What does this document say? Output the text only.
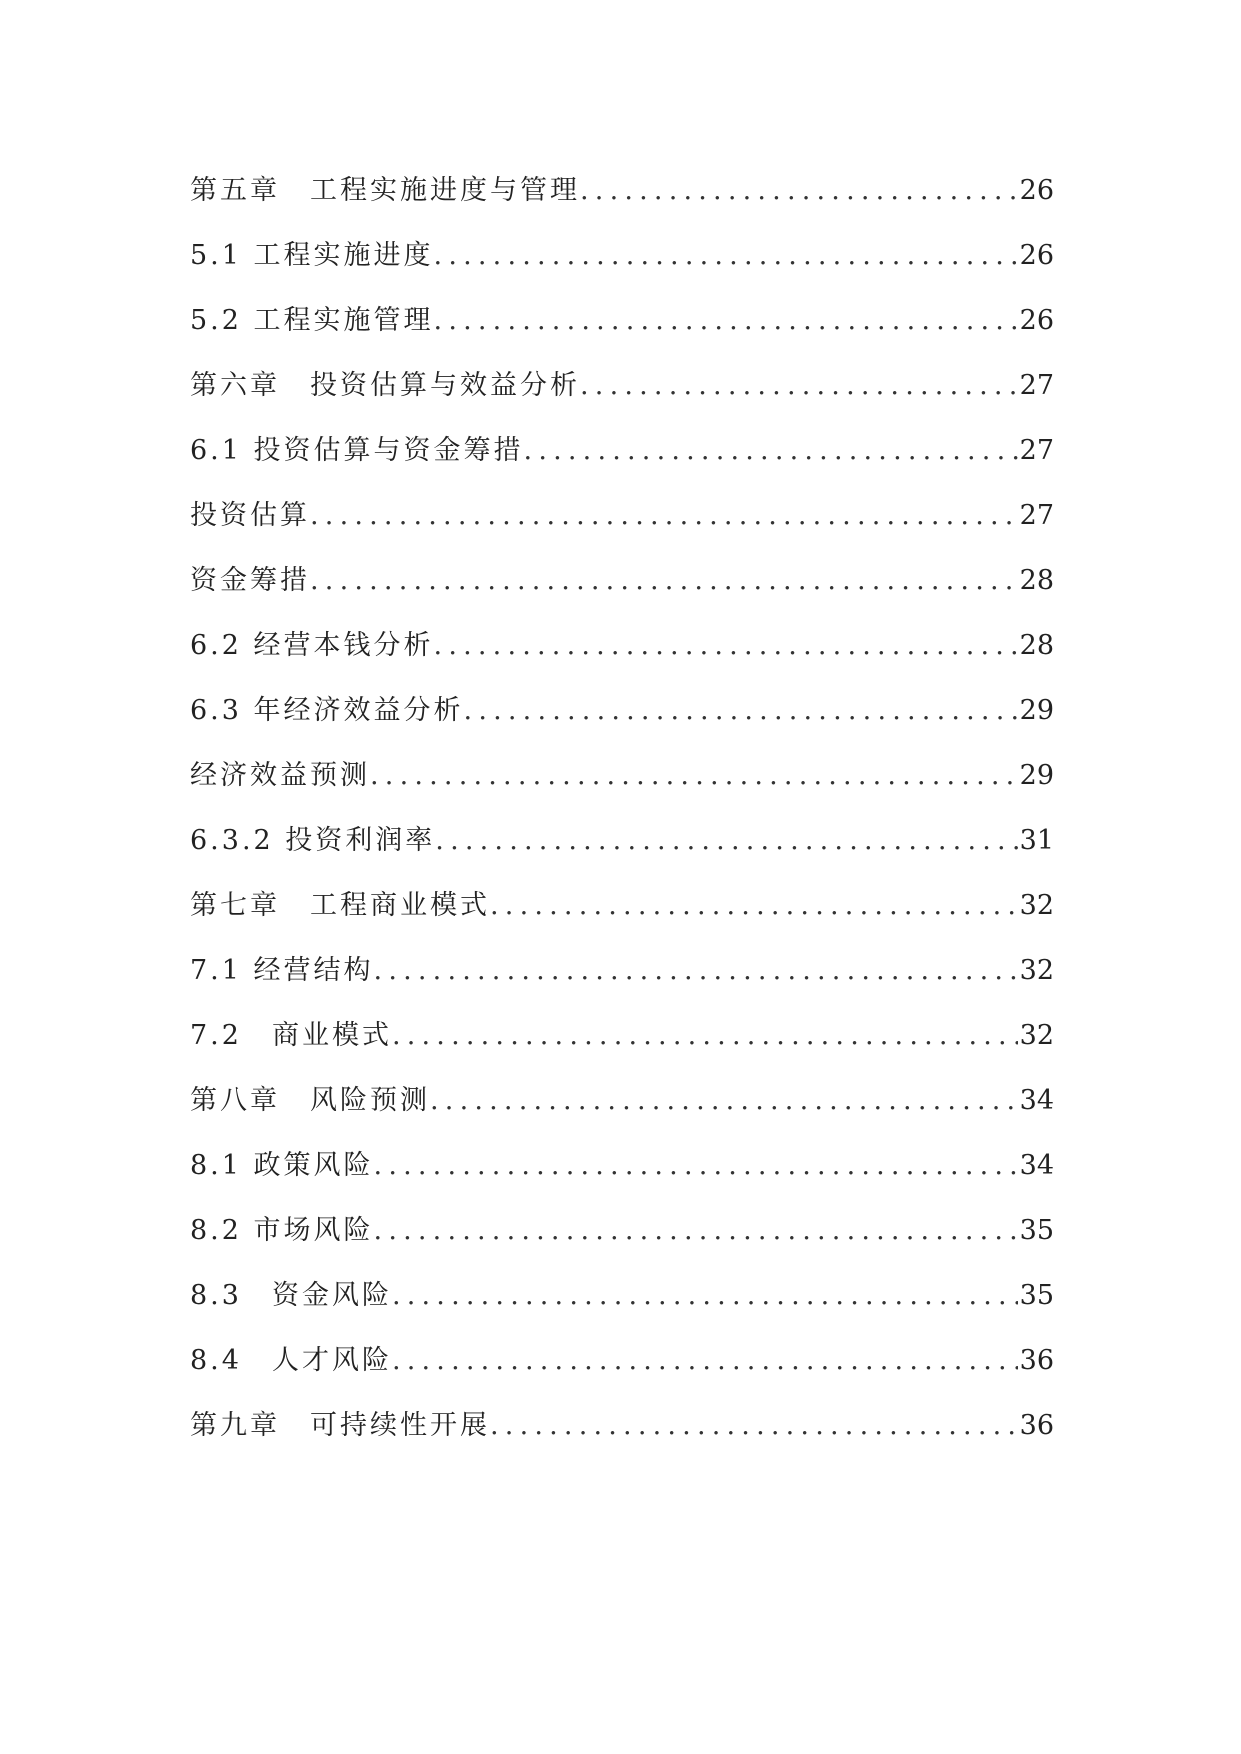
第五章　工程实施进度与管理 .....	26
5.1 工程实施进度 .....	26
5.2 工程实施管理 .....	26
第六章　投资估算与效益分析 .....	27
6.1 投资估算与资金筹措 .....	27
投资估算 .....	27
资金筹措 .....	28
6.2 经营本钱分析 .....	28
6.3 年经济效益分析 .....	29
经济效益预测 .....	29
6.3.2 投资利润率 .....	31
第七章　工程商业模式 .....	32
7.1 经营结构 .....	32
7.2　商业模式 .....	32
第八章　风险预测 .....	34
8.1 政策风险 .....	34
8.2 市场风险 .....	35
8.3　资金风险 .....	35
8.4　人才风险 .....	36
第九章　可持续性开展 .....	36
